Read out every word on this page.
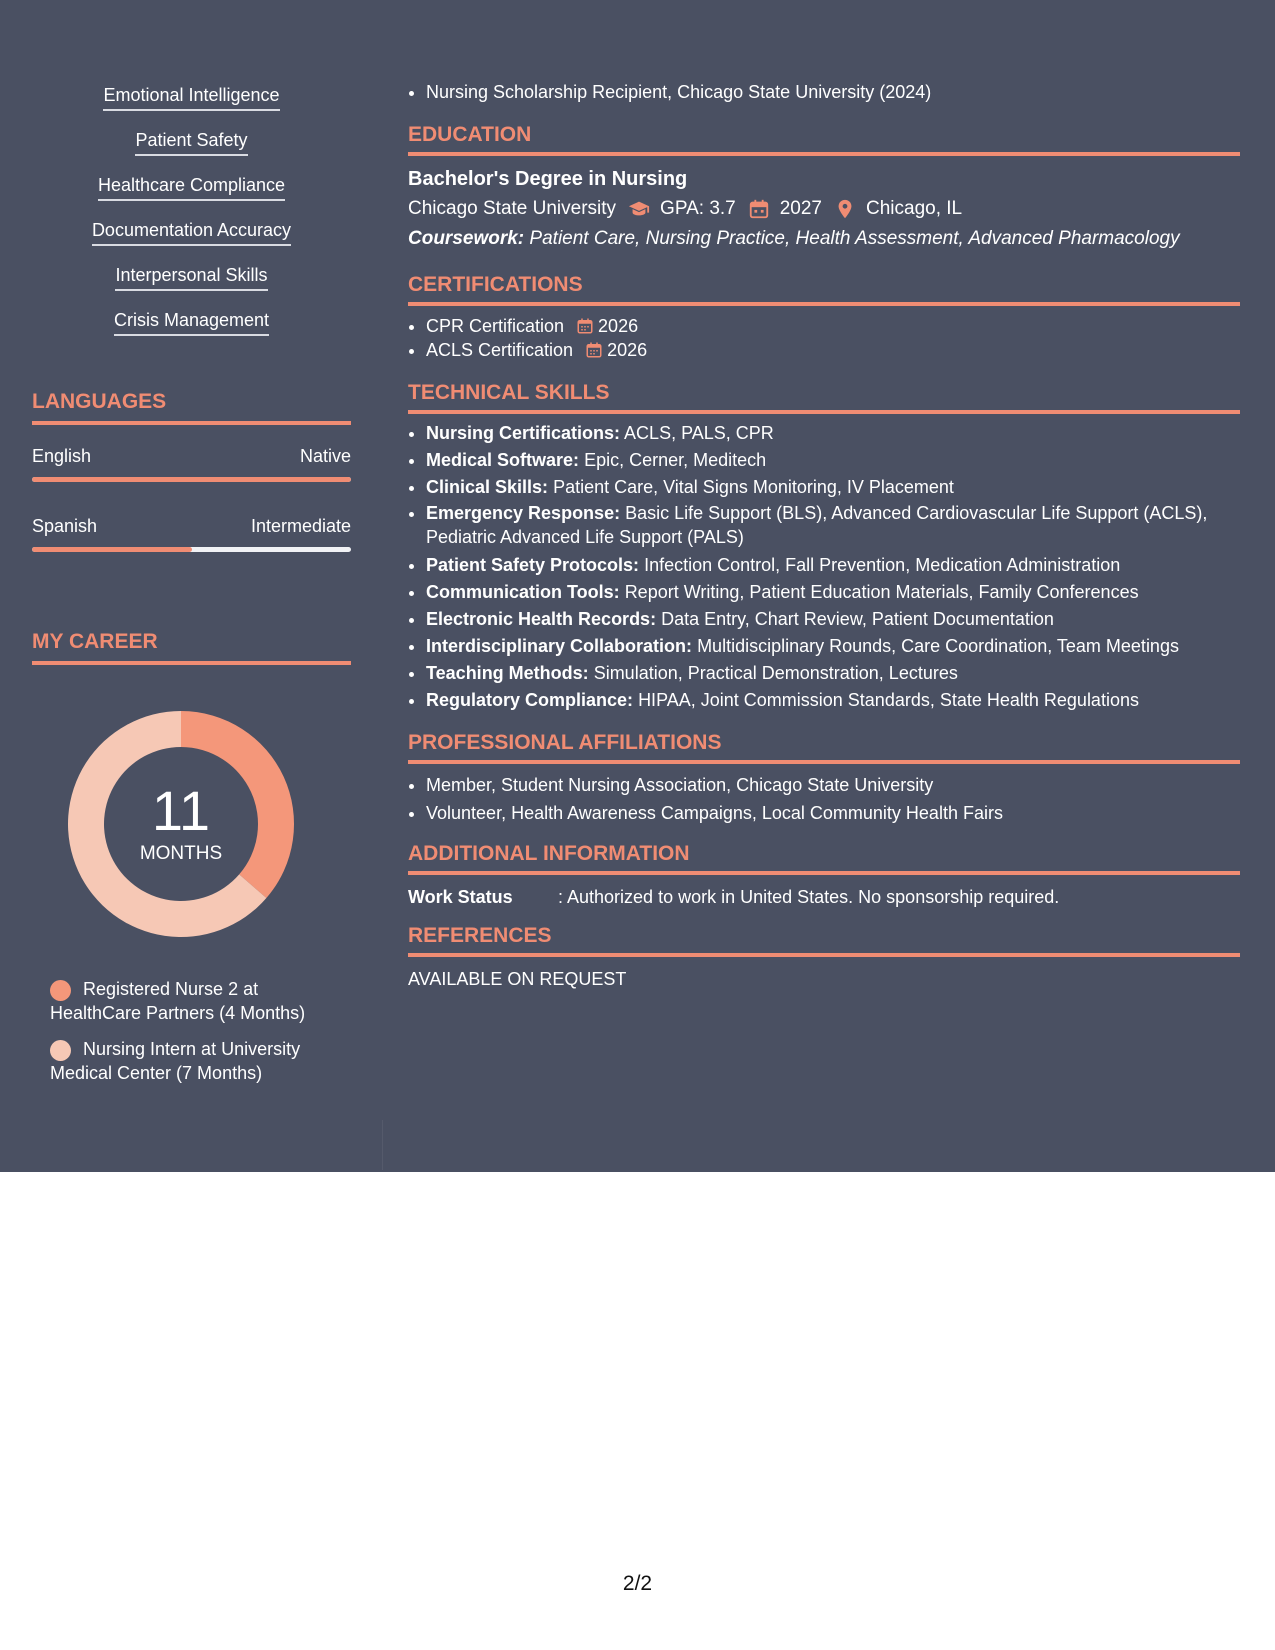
Emotional Intelligence
Patient Safety
Healthcare Compliance
Documentation Accuracy
Interpersonal Skills
Crisis Management
LANGUAGES
English	Native
Spanish	Intermediate
MY CAREER
11
MONTHS
Registered Nurse 2 at HealthCare Partners (4 Months)
Nursing Intern at University Medical Center (7 Months)
• Nursing Scholarship Recipient, Chicago State University (2024)
EDUCATION
Bachelor's Degree in Nursing
Chicago State University GPA: 3.7 2027 Chicago, IL
Coursework: Patient Care, Nursing Practice, Health Assessment, Advanced Pharmacology
CERTIFICATIONS
• CPR Certification 2026
• ACLS Certification 2026
TECHNICAL SKILLS
• Nursing Certifications: ACLS, PALS, CPR
• Medical Software: Epic, Cerner, Meditech
• Clinical Skills: Patient Care, Vital Signs Monitoring, IV Placement
• Emergency Response: Basic Life Support (BLS), Advanced Cardiovascular Life Support (ACLS), Pediatric Advanced Life Support (PALS)
• Patient Safety Protocols: Infection Control, Fall Prevention, Medication Administration
• Communication Tools: Report Writing, Patient Education Materials, Family Conferences
• Electronic Health Records: Data Entry, Chart Review, Patient Documentation
• Interdisciplinary Collaboration: Multidisciplinary Rounds, Care Coordination, Team Meetings
• Teaching Methods: Simulation, Practical Demonstration, Lectures
• Regulatory Compliance: HIPAA, Joint Commission Standards, State Health Regulations
PROFESSIONAL AFFILIATIONS
• Member, Student Nursing Association, Chicago State University
• Volunteer, Health Awareness Campaigns, Local Community Health Fairs
ADDITIONAL INFORMATION
Work Status	: Authorized to work in United States. No sponsorship required.
REFERENCES
AVAILABLE ON REQUEST
2/2
